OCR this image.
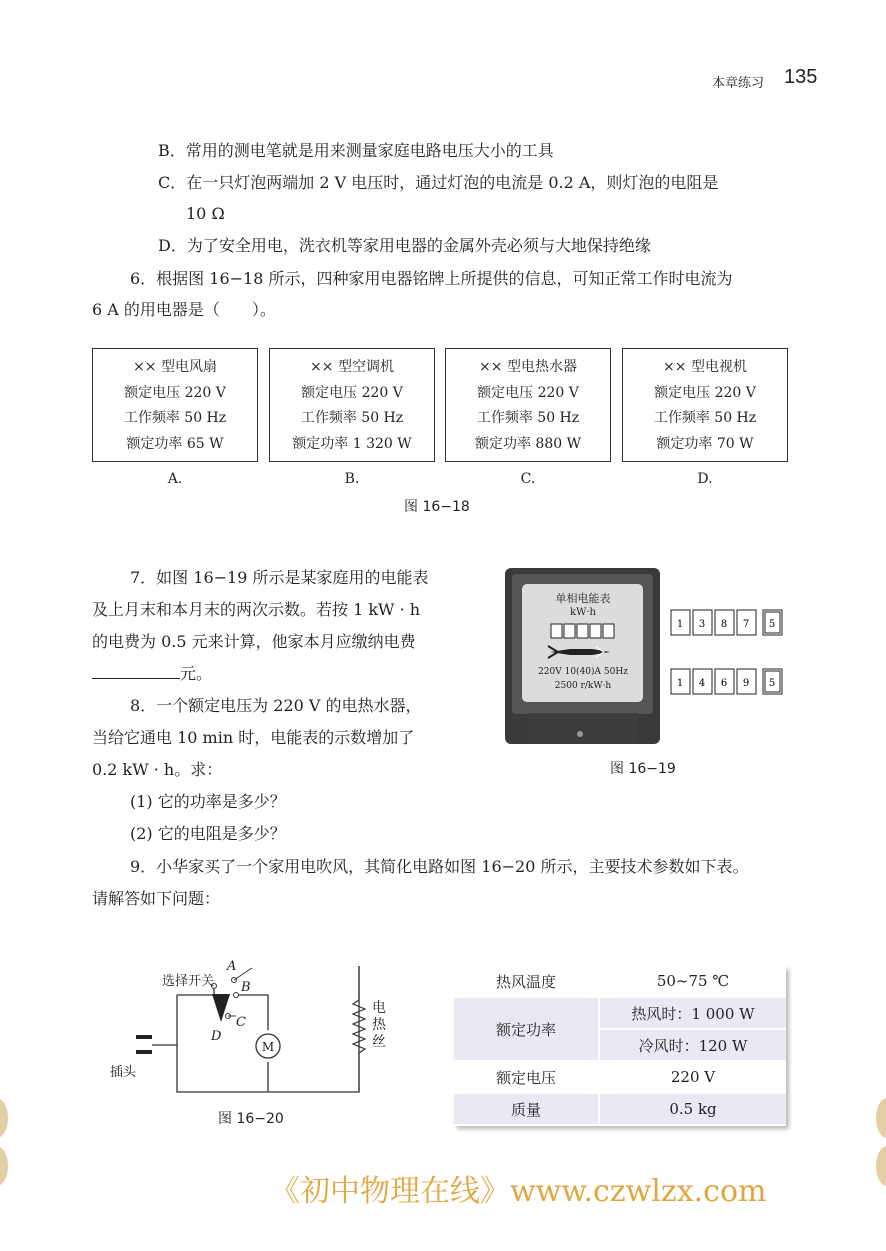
本章练习 135
B．常用的测电笔就是用来测量家庭电路电压大小的工具
C．在一只灯泡两端加 2 V 电压时，通过灯泡的电流是 0.2 A，则灯泡的电阻是
10 Ω
D．为了安全用电，洗衣机等家用电器的金属外壳必须与大地保持绝缘
6．根据图 16−18 所示，四种家用电器铭牌上所提供的信息，可知正常工作时电流为
6 A 的用电器是（　　）。
×× 型电风扇
额定电压 220 V
工作频率 50 Hz
额定功率 65 W
×× 型空调机
额定电压 220 V
工作频率 50 Hz
额定功率 1 320 W
×× 型电热水器
额定电压 220 V
工作频率 50 Hz
额定功率 880 W
×× 型电视机
额定电压 220 V
工作频率 50 Hz
额定功率 70 W
A.	B.	C.	D.
图 16−18
7．如图 16−19 所示是某家庭用的电能表
及上月末和本月末的两次示数。若按 1 kW · h
的电费为 0.5 元来计算，他家本月应缴纳电费
元。
单相电能表
kW·h
220V 10(40)A 50Hz
2500 r/kW·h
1 3 8 7 5
1 4 6 9 5
图 16−19
8．一个额定电压为 220 V 的电热水器，
当给它通电 10 min 时，电能表的示数增加了
0.2 kW · h。求：
(1) 它的功率是多少？
(2) 它的电阻是多少？
9．小华家买了一个家用电吹风，其简化电路如图 16−20 所示，主要技术参数如下表。
请解答如下问题：
选择开关
插头
A
B
C
D
M
电热丝
图 16−20
热风温度	50~75 ℃
额定功率	热风时：1 000 W
	冷风时：120 W
额定电压	220 V
质量	0.5 kg
《初中物理在线》www.czwlzx.com
